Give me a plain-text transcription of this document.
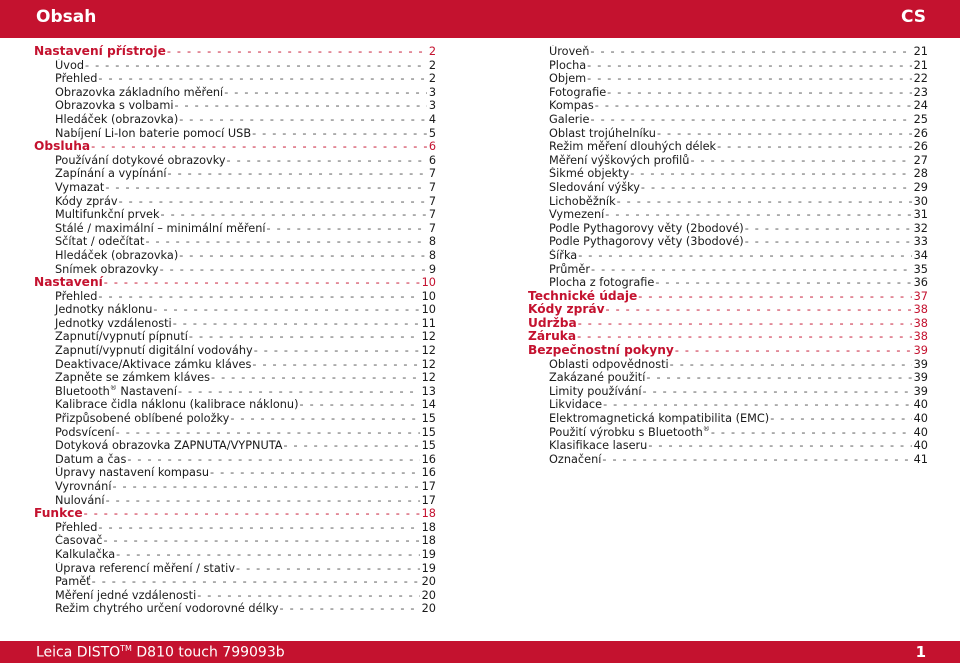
Obsah	CS
Nastavení přístroje - - -	2
Úvod - - -	2
Přehled - - -	2
Obrazovka základního měření - - -	3
Obrazovka s volbami - - -	3
Hledáček (obrazovka) - - -	4
Nabíjení Li-Ion baterie pomocí USB - - -	5
Obsluha - - -	6
Používání dotykové obrazovky - - -	6
Zapínání a vypínání - - -	7
Vymazat - - -	7
Kódy zpráv - - -	7
Multifunkční prvek - - -	7
Stálé / maximální – minimální měření - - -	7
Sčítat / odečítat - - -	8
Hledáček (obrazovka) - - -	8
Snímek obrazovky - - -	9
Nastavení - - -	10
Přehled - - -	10
Jednotky náklonu - - -	10
Jednotky vzdálenosti - - -	11
Zapnutí/vypnutí pípnutí - - -	12
Zapnutí/vypnutí digitální vodováhy - - -	12
Deaktivace/Aktivace zámku kláves - - -	12
Zapněte se zámkem kláves - - -	12
Bluetooth® Nastavení - - -	13
Kalibrace čidla náklonu (kalibrace náklonu) - - -	14
Přizpůsobené oblíbené položky - - -	15
Podsvícení - - -	15
Dotyková obrazovka ZAPNUTA/VYPNUTA - - -	15
Datum a čas - - -	16
Úpravy nastavení kompasu - - -	16
Vyrovnání - - -	17
Nulování - - -	17
Funkce - - -	18
Přehled - - -	18
Časovač - - -	18
Kalkulačka - - -	19
Úprava referencí měření / stativ - - -	19
Paměť - - -	20
Měření jedné vzdálenosti - - -	20
Režim chytrého určení vodorovné délky - - -	20
Úroveň - - -	21
Plocha - - -	21
Objem - - -	22
Fotografie - - -	23
Kompas - - -	24
Galerie - - -	25
Oblast trojúhelníku - - -	26
Režim měření dlouhých délek - - -	26
Měření výškových profilů - - -	27
Šikmé objekty - - -	28
Sledování výšky - - -	29
Lichoběžník - - -	30
Vymezení - - -	31
Podle Pythagorovy věty (2bodové) - - -	32
Podle Pythagorovy věty (3bodové) - - -	33
Šířka - - -	34
Průměr - - -	35
Plocha z fotografie - - -	36
Technické údaje - - -	37
Kódy zpráv - - -	38
Údržba - - -	38
Záruka - - -	38
Bezpečnostní pokyny - - -	39
Oblasti odpovědnosti - - -	39
Zakázané použití - - -	39
Limity používání - - -	39
Likvidace - - -	40
Elektromagnetická kompatibilita (EMC) - - -	40
Použití výrobku s Bluetooth® - - -	40
Klasifikace laseru - - -	40
Označení - - -	41
Leica DISTO™ D810 touch 799093b	1
